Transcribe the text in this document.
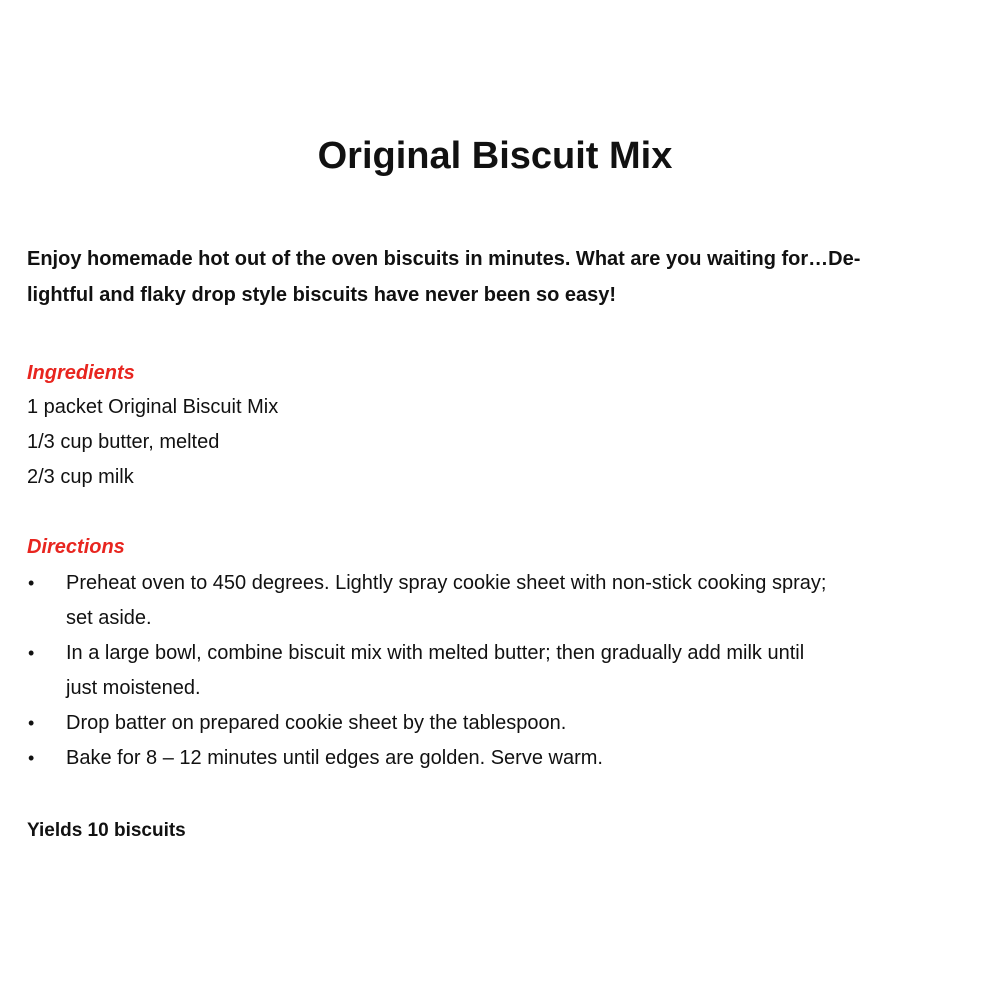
Original Biscuit Mix

Enjoy homemade hot out of the oven biscuits in minutes. What are you waiting for…De-
lightful and flaky drop style biscuits have never been so easy!

Ingredients
1 packet Original Biscuit Mix
1/3 cup butter, melted
2/3 cup milk
Directions
• Preheat oven to 450 degrees. Lightly spray cookie sheet with non-stick cooking spray;
set aside.
• In a large bowl, combine biscuit mix with melted butter; then gradually add milk until
just moistened.
• Drop batter on prepared cookie sheet by the tablespoon.
• Bake for 8 – 12 minutes until edges are golden. Serve warm.

Yields 10 biscuits
